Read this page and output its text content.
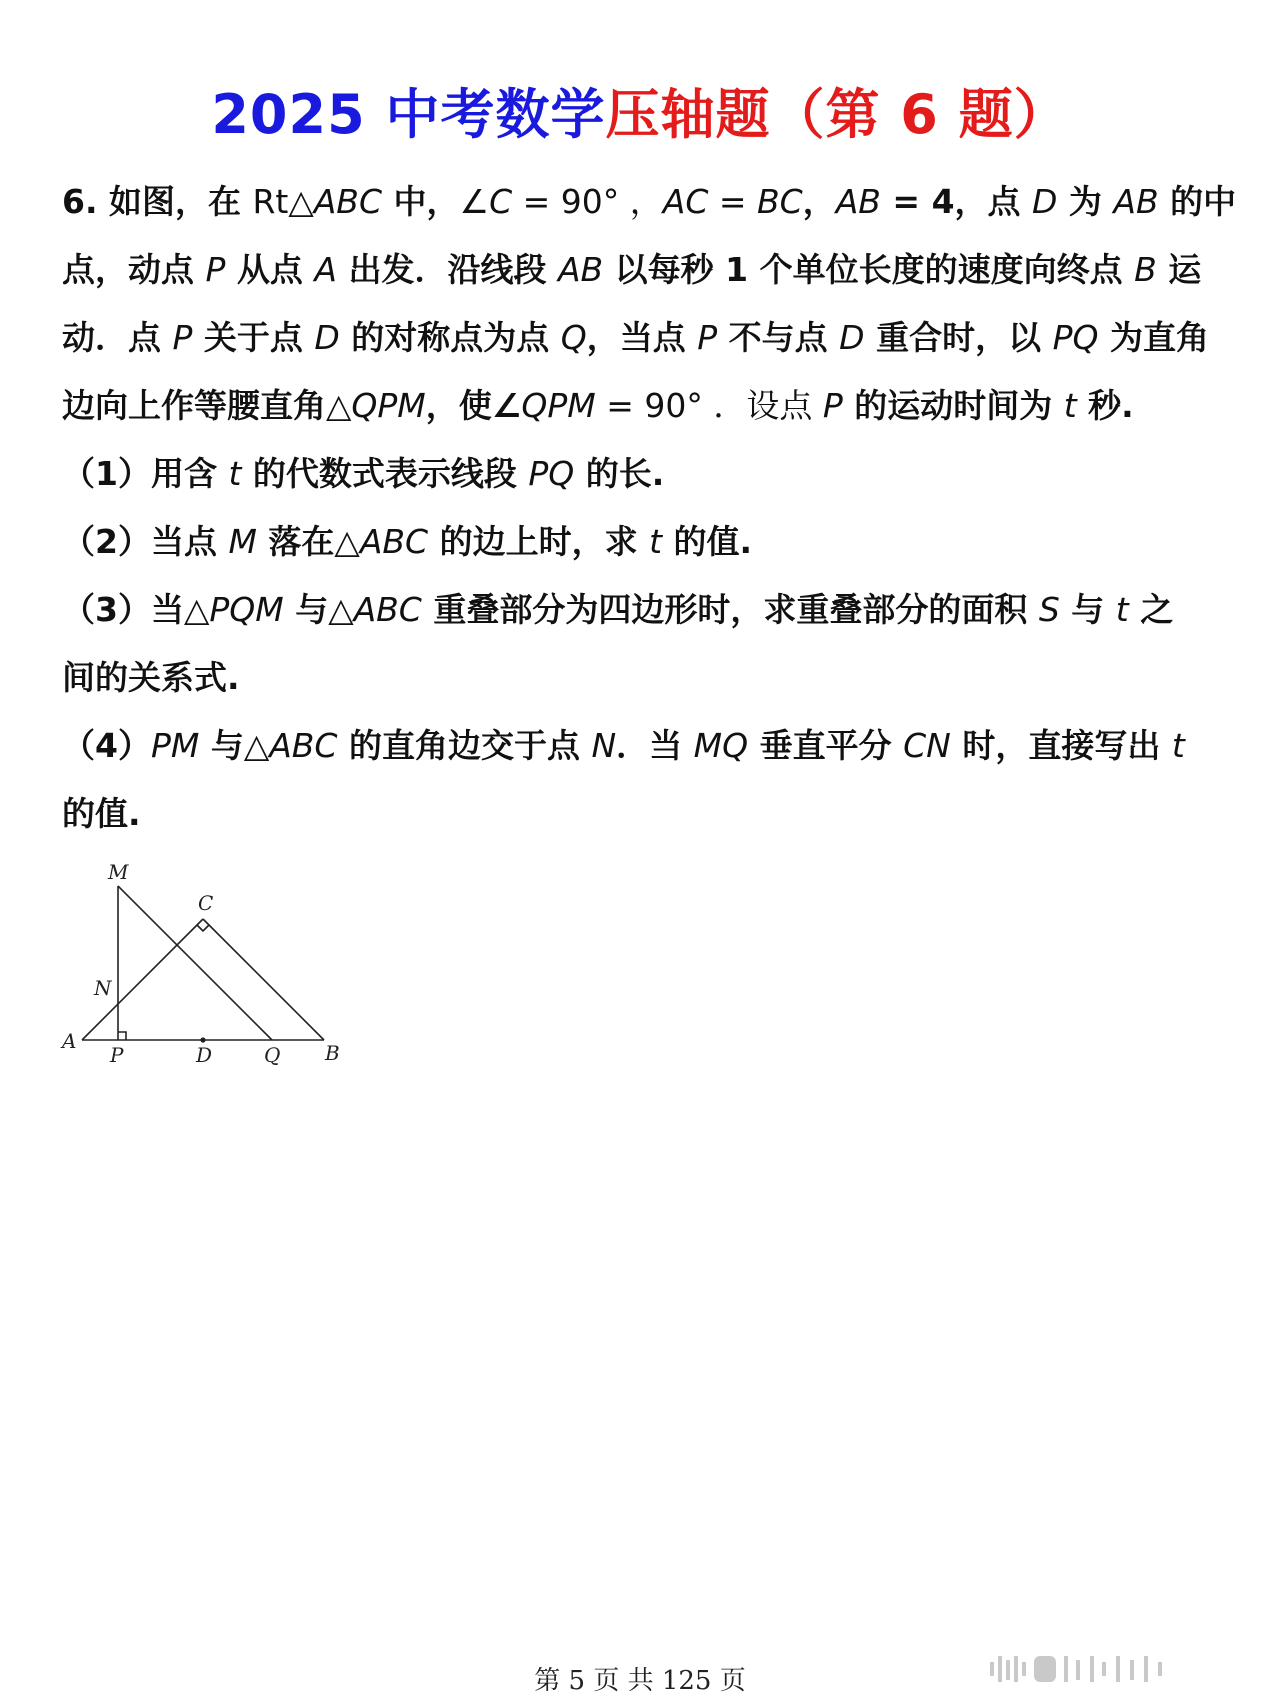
2025 中考数学压轴题（第 6 题）
6. 如图，在 Rt△ABC 中，∠C = 90° ，AC = BC，AB = 4，点 D 为 AB 的中
点，动点 P 从点 A 出发．沿线段 AB 以每秒 1 个单位长度的速度向终点 B 运
动．点 P 关于点 D 的对称点为点 Q，当点 P 不与点 D 重合时，以 PQ 为直角
边向上作等腰直角△QPM，使∠QPM = 90° ．设点 P 的运动时间为 t 秒.
（1）用含 t 的代数式表示线段 PQ 的长.
（2）当点 M 落在△ABC 的边上时，求 t 的值.
（3）当△PQM 与△ABC 重叠部分为四边形时，求重叠部分的面积 S 与 t 之
间的关系式.
（4）PM 与△ABC 的直角边交于点 N．当 MQ 垂直平分 CN 时，直接写出 t
的值.
M
C
N
A
P	D	Q B
第 5 页 共 125 页
